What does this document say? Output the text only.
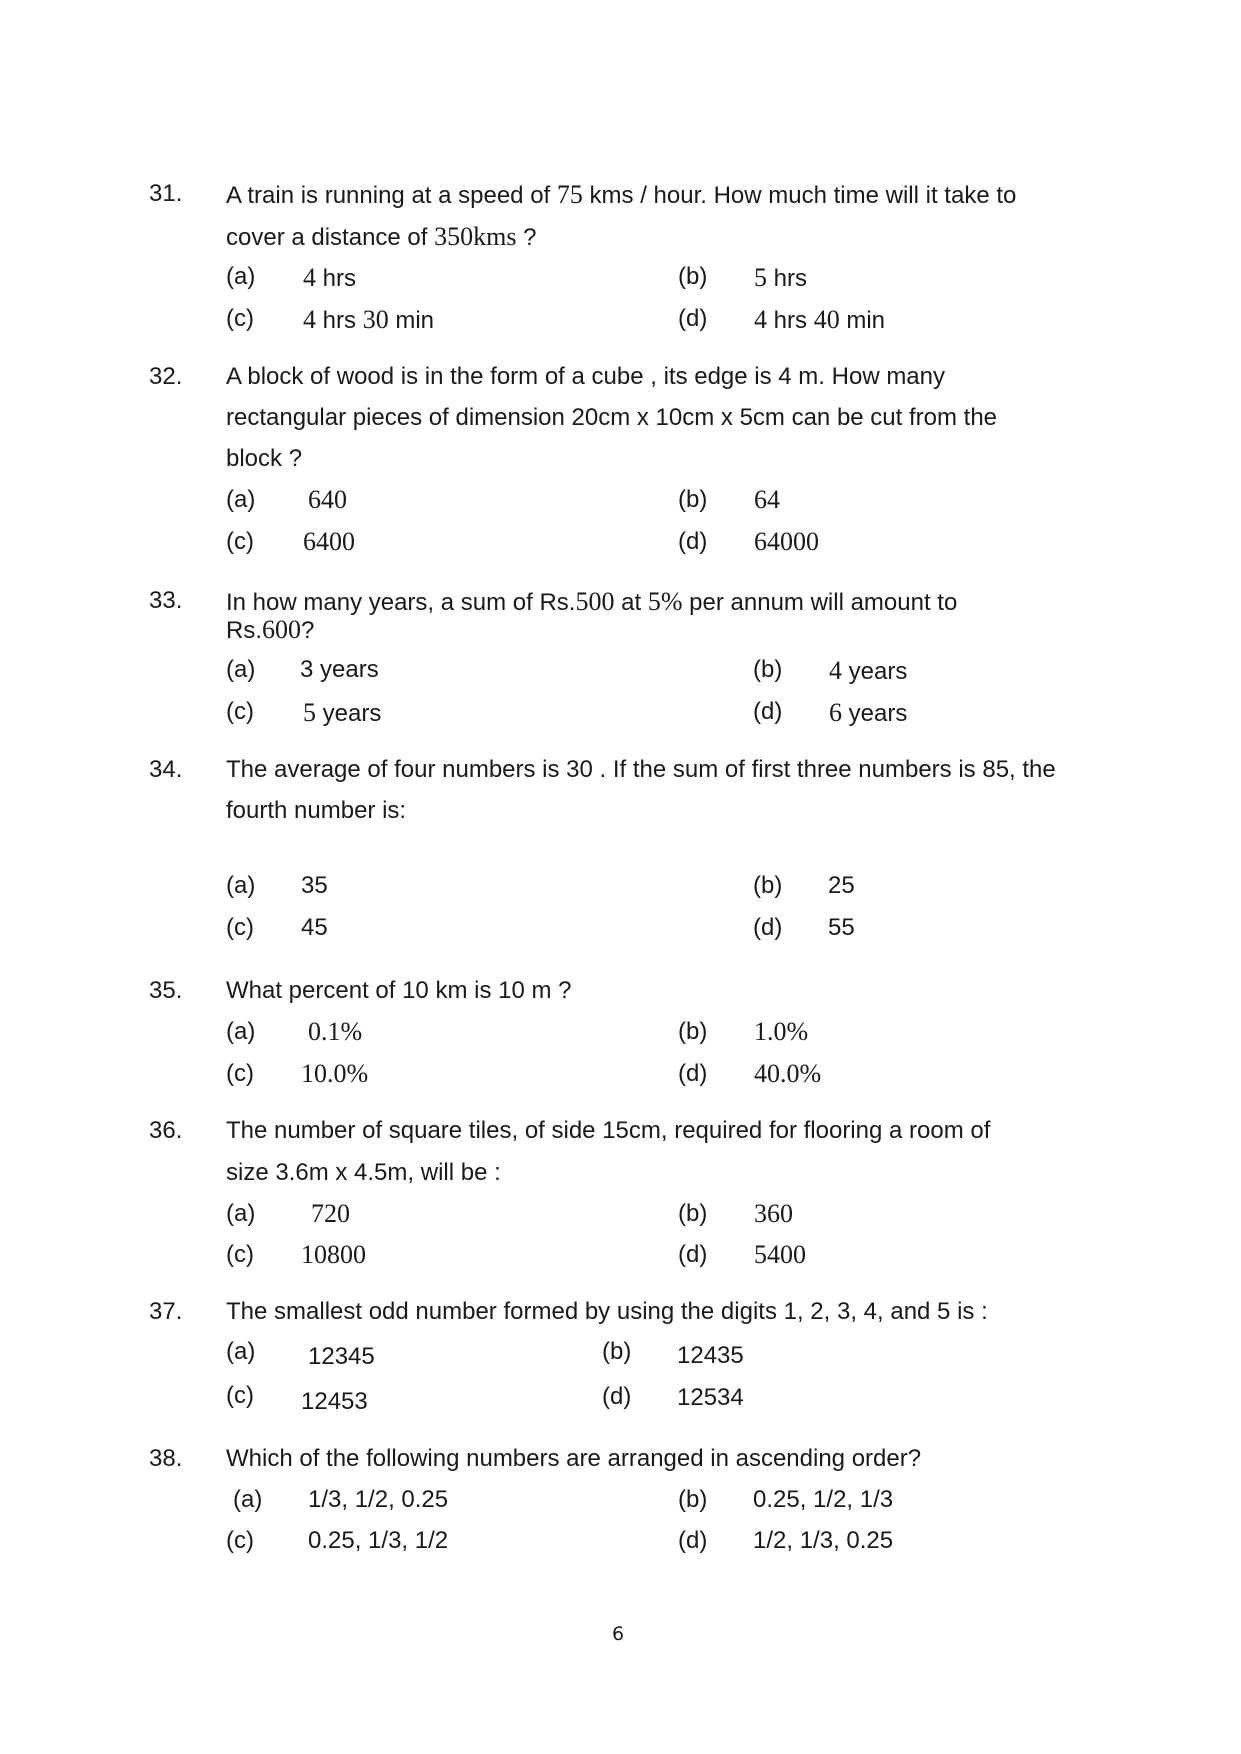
31. A train is running at a speed of 75 kms / hour. How much time will it take to
cover a distance of 350kms ?
(a) 4 hrs	(b) 5 hrs
(c) 4 hrs 30 min	(d) 4 hrs 40 min
32. A block of wood is in the form of a cube , its edge is 4 m. How many
rectangular pieces of dimension 20cm x 10cm x 5cm can be cut from the
block ?
(a) 640	(b) 64
(c) 6400	(d) 64000
33. In how many years, a sum of Rs.500 at 5% per annum will amount to
Rs.600?
(a) 3 years	(b) 4 years
(c) 5 years	(d) 6 years
34. The average of four numbers is 30 . If the sum of first three numbers is 85, the
fourth number is:
(a) 35	(b) 25
(c) 45	(d) 55
35. What percent of 10 km is 10 m ?
(a) 0.1%	(b) 1.0%
(c) 10.0%	(d) 40.0%
36. The number of square tiles, of side 15cm, required for flooring a room of
size 3.6m x 4.5m, will be :
(a) 720	(b) 360
(c) 10800	(d) 5400
37. The smallest odd number formed by using the digits 1, 2, 3, 4, and 5 is :
(a) 12345	(b) 12435
(c) 12453	(d) 12534
38. Which of the following numbers are arranged in ascending order?
(a) 1/3, 1/2, 0.25	(b) 0.25, 1/2, 1/3
(c) 0.25, 1/3, 1/2	(d) 1/2, 1/3, 0.25
6
